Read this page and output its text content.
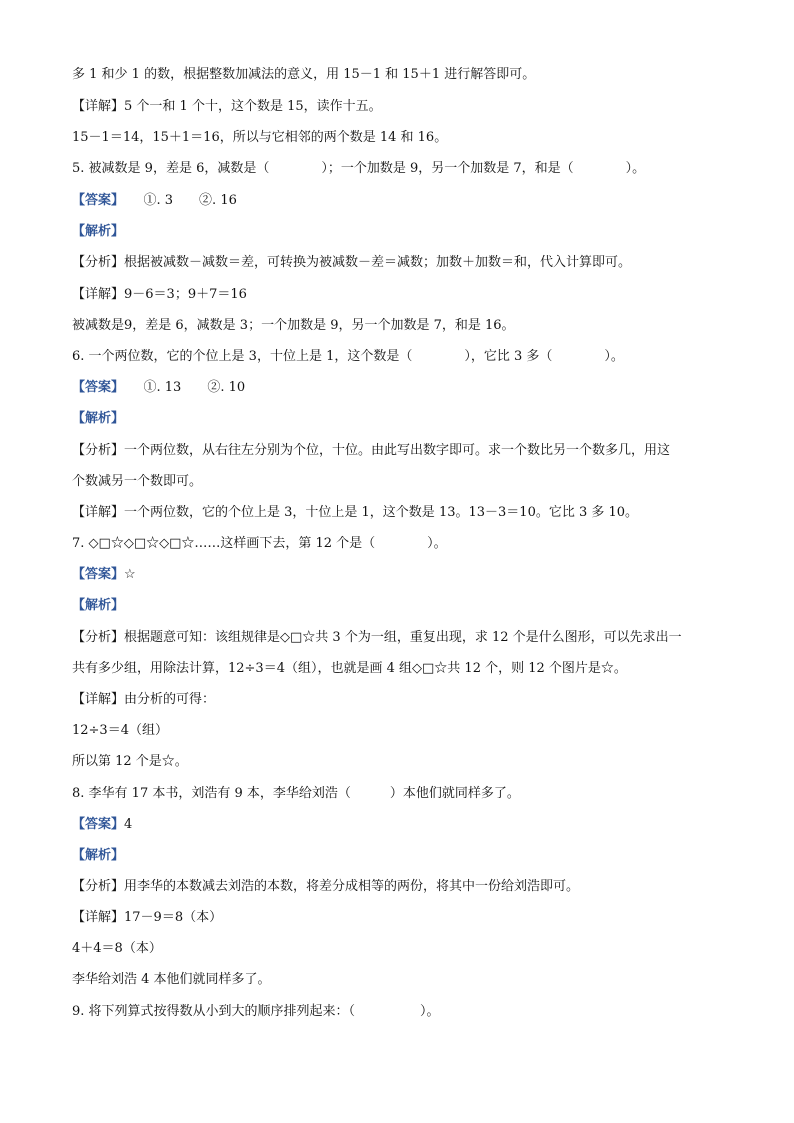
多 1 和少 1 的数，根据整数加减法的意义，用 15－1 和 15＋1 进行解答即可。
【详解】5 个一和 1 个十，这个数是 15，读作十五。
15－1＝14，15＋1＝16，所以与它相邻的两个数是 14 和 16。
5. 被减数是 9，差是 6，减数是（　　　　）；一个加数是 9，另一个加数是 7，和是（　　　　）。
【答案】　　①. 3　　②. 16
【解析】
【分析】根据被减数－减数＝差，可转换为被减数－差＝减数；加数＋加数＝和，代入计算即可。
【详解】9－6＝3；9＋7＝16
被减数是9，差是 6，减数是 3；一个加数是 9，另一个加数是 7，和是 16。
6. 一个两位数，它的个位上是 3，十位上是 1，这个数是（　　　　），它比 3 多（　　　　）。
【答案】　　①. 13　　②. 10
【解析】
【分析】一个两位数，从右往左分别为个位，十位。由此写出数字即可。求一个数比另一个数多几，用这
个数减另一个数即可。
【详解】一个两位数，它的个位上是 3，十位上是 1，这个数是 13。13－3＝10。它比 3 多 10。
7. ◇□☆◇□☆◇□☆……这样画下去，第 12 个是（　　　　）。
【答案】☆
【解析】
【分析】根据题意可知：该组规律是◇□☆共 3 个为一组，重复出现，求 12 个是什么图形，可以先求出一
共有多少组，用除法计算，12÷3＝4（组），也就是画 4 组◇□☆共 12 个，则 12 个图片是☆。
【详解】由分析的可得：
12÷3＝4（组）
所以第 12 个是☆。
8. 李华有 17 本书，刘浩有 9 本，李华给刘浩（　　　）本他们就同样多了。
【答案】4
【解析】
【分析】用李华的本数减去刘浩的本数，将差分成相等的两份，将其中一份给刘浩即可。
【详解】17－9＝8（本）
4＋4＝8（本）
李华给刘浩 4 本他们就同样多了。
9. 将下列算式按得数从小到大的顺序排列起来：（　　　　　）。
